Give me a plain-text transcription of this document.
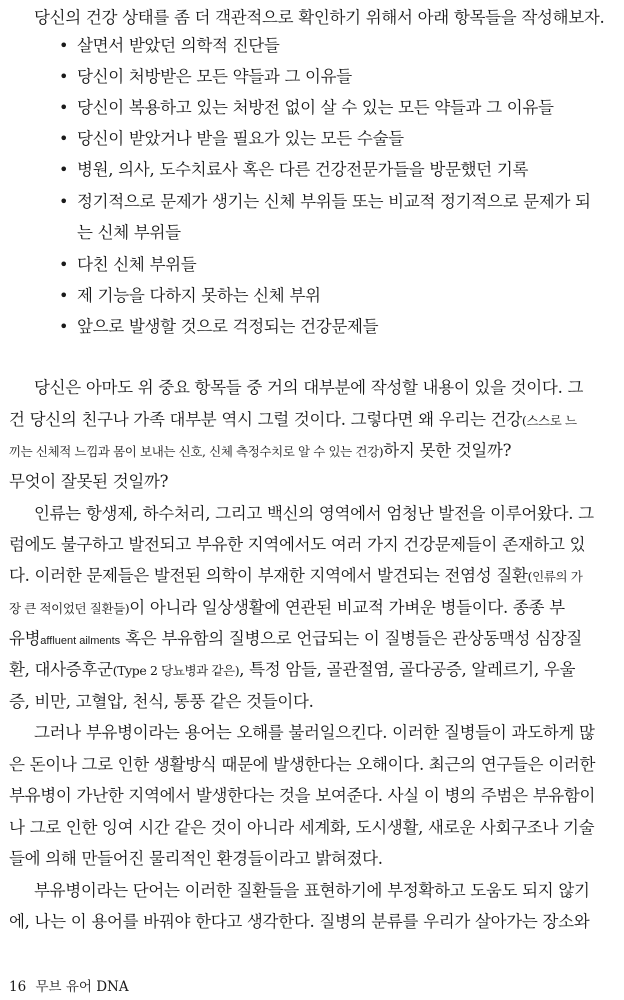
당신의 건강 상태를 좀 더 객관적으로 확인하기 위해서 아래 항목들을 작성해보자.
• 살면서 받았던 의학적 진단들
• 당신이 처방받은 모든 약들과 그 이유들
• 당신이 복용하고 있는 처방전 없이 살 수 있는 모든 약들과 그 이유들
• 당신이 받았거나 받을 필요가 있는 모든 수술들
• 병원, 의사, 도수치료사 혹은 다른 건강전문가들을 방문했던 기록
• 정기적으로 문제가 생기는 신체 부위들 또는 비교적 정기적으로 문제가 되
는 신체 부위들
• 다친 신체 부위들
• 제 기능을 다하지 못하는 신체 부위
• 앞으로 발생할 것으로 걱정되는 건강문제들
당신은 아마도 위 중요 항목들 중 거의 대부분에 작성할 내용이 있을 것이다. 그
건 당신의 친구나 가족 대부분 역시 그럴 것이다. 그렇다면 왜 우리는 건강(스스로 느
끼는 신체적 느낌과 몸이 보내는 신호, 신체 측정수치로 알 수 있는 건강)하지 못한 것일까?
무엇이 잘못된 것일까?
인류는 항생제, 하수처리, 그리고 백신의 영역에서 엄청난 발전을 이루어왔다. 그
럼에도 불구하고 발전되고 부유한 지역에서도 여러 가지 건강문제들이 존재하고 있
다. 이러한 문제들은 발전된 의학이 부재한 지역에서 발견되는 전염성 질환(인류의 가
장 큰 적이었던 질환들)이 아니라 일상생활에 연관된 비교적 가벼운 병들이다. 종종 부
유병affluent ailments 혹은 부유함의 질병으로 언급되는 이 질병들은 관상동맥성 심장질
환, 대사증후군(Type 2 당뇨병과 같은), 특정 암들, 골관절염, 골다공증, 알레르기, 우울
증, 비만, 고혈압, 천식, 통풍 같은 것들이다.
그러나 부유병이라는 용어는 오해를 불러일으킨다. 이러한 질병들이 과도하게 많
은 돈이나 그로 인한 생활방식 때문에 발생한다는 오해이다. 최근의 연구들은 이러한
부유병이 가난한 지역에서 발생한다는 것을 보여준다. 사실 이 병의 주범은 부유함이
나 그로 인한 잉여 시간 같은 것이 아니라 세계화, 도시생활, 새로운 사회구조나 기술
들에 의해 만들어진 물리적인 환경들이라고 밝혀졌다.
부유병이라는 단어는 이러한 질환들을 표현하기에 부정확하고 도움도 되지 않기
에, 나는 이 용어를 바꿔야 한다고 생각한다. 질병의 분류를 우리가 살아가는 장소와
16 무브 유어 DNA
